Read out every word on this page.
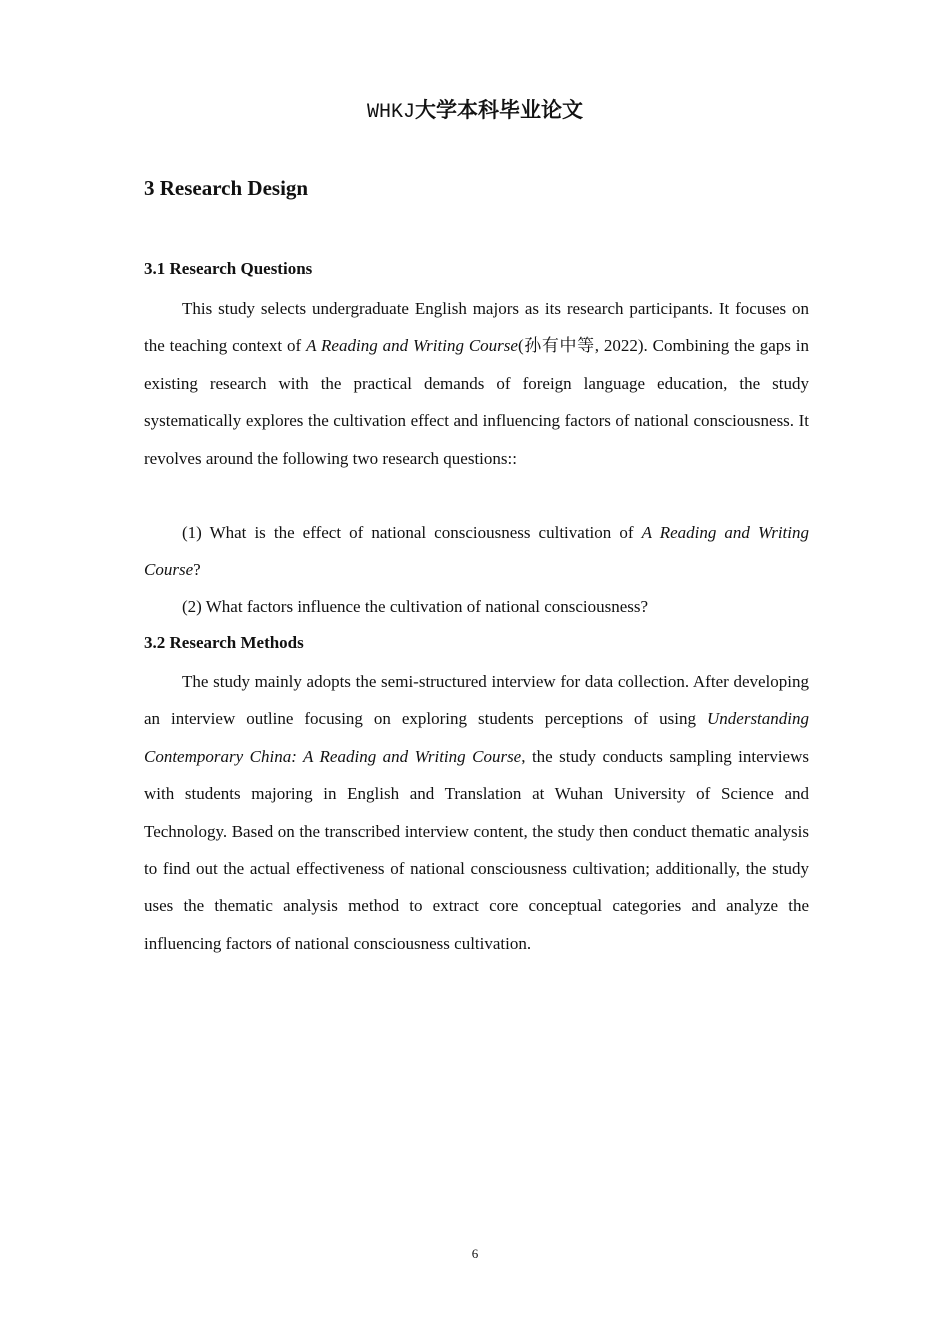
WHKJ大学本科毕业论文
3 Research Design
3.1 Research Questions

This study selects undergraduate English majors as its research participants. It focuses on the teaching context of A Reading and Writing Course(孙有中等, 2022). Combining the gaps in existing research with the practical demands of foreign language education, the study systematically explores the cultivation effect and influencing factors of national consciousness. It revolves around the following two research questions::

(1) What is the effect of national consciousness cultivation of A Reading and Writing Course?

(2) What factors influence the cultivation of national consciousness?

3.2 Research Methods

The study mainly adopts the semi-structured interview for data collection. After developing an interview outline focusing on exploring students perceptions of using Understanding Contemporary China: A Reading and Writing Course, the study conducts sampling interviews with students majoring in English and Translation at Wuhan University of Science and Technology. Based on the transcribed interview content, the study then conduct thematic analysis to find out the actual effectiveness of national consciousness cultivation; additionally, the study uses the thematic analysis method to extract core conceptual categories and analyze the influencing factors of national consciousness cultivation.

6
